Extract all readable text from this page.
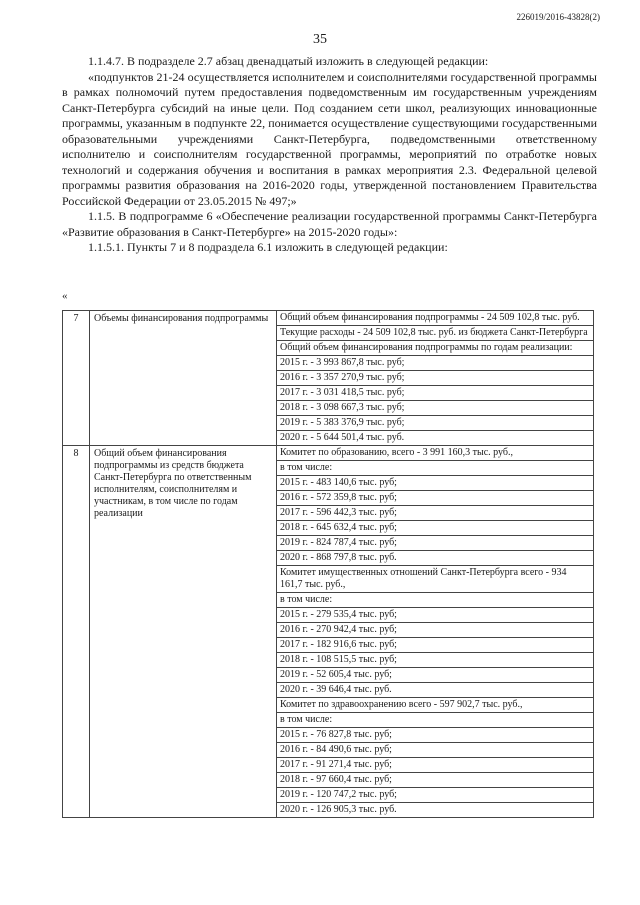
226019/2016-43828(2)
35

1.1.4.7. В подразделе 2.7 абзац двенадцатый изложить в следующей редакции:

«подпунктов 21-24 осуществляется исполнителем и соисполнителями государственной программы в рамках полномочий путем предоставления подведомственным им государственным учреждениям Санкт-Петербурга субсидий на иные цели. Под созданием сети школ, реализующих инновационные программы, указанным в подпункте 22, понимается осуществление существующими государственными образовательными учреждениями Санкт-Петербурга, подведомственными ответственному исполнителю и соисполнителям государственной программы, мероприятий по отработке новых технологий и содержания обучения и воспитания в рамках мероприятия 2.3. Федеральной целевой программы развития образования на 2016-2020 годы, утвержденной постановлением Правительства Российской Федерации от 23.05.2015 № 497;»

1.1.5. В подпрограмме 6 «Обеспечение реализации государственной программы Санкт-Петербурга «Развитие образования в Санкт-Петербурге» на 2015-2020 годы»:

1.1.5.1. Пункты 7 и 8 подраздела 6.1 изложить в следующей редакции:

«
7	Объемы финансирования подпрограммы	Общий объем финансирования подпрограммы - 24 509 102,8 тыс. руб.
		Текущие расходы - 24 509 102,8 тыс. руб. из бюджета Санкт-Петербурга
		Общий объем финансирования подпрограммы по годам реализации:
		2015 г. - 3 993 867,8 тыс. руб;
		2016 г. - 3 357 270,9 тыс. руб;
		2017 г. - 3 031 418,5 тыс. руб;
		2018 г. - 3 098 667,3 тыс. руб;
		2019 г. - 5 383 376,9 тыс. руб;
		2020 г. - 5 644 501,4 тыс. руб.
8	Общий объем финансирования подпрограммы из средств бюджета Санкт-Петербурга по ответственным исполнителям, соисполнителям и участникам, в том числе по годам реализации	Комитет по образованию, всего - 3 991 160,3 тыс. руб.,
		в том числе:
		2015 г. - 483 140,6 тыс. руб;
		2016 г. - 572 359,8 тыс. руб;
		2017 г. - 596 442,3 тыс. руб;
		2018 г. - 645 632,4 тыс. руб;
		2019 г. - 824 787,4 тыс. руб;
		2020 г. - 868 797,8 тыс. руб.
		Комитет имущественных отношений Санкт-Петербурга всего - 934 161,7 тыс. руб.,
		в том числе:
		2015 г. - 279 535,4 тыс. руб;
		2016 г. - 270 942,4 тыс. руб;
		2017 г. - 182 916,6 тыс. руб;
		2018 г. - 108 515,5 тыс. руб;
		2019 г. - 52 605,4 тыс. руб;
		2020 г. - 39 646,4 тыс. руб.
		Комитет по здравоохранению всего - 597 902,7 тыс. руб.,
		в том числе:
		2015 г. - 76 827,8 тыс. руб;
		2016 г. - 84 490,6 тыс. руб;
		2017 г. - 91 271,4 тыс. руб;
		2018 г. - 97 660,4 тыс. руб;
		2019 г. - 120 747,2 тыс. руб;
		2020 г. - 126 905,3 тыс. руб.
